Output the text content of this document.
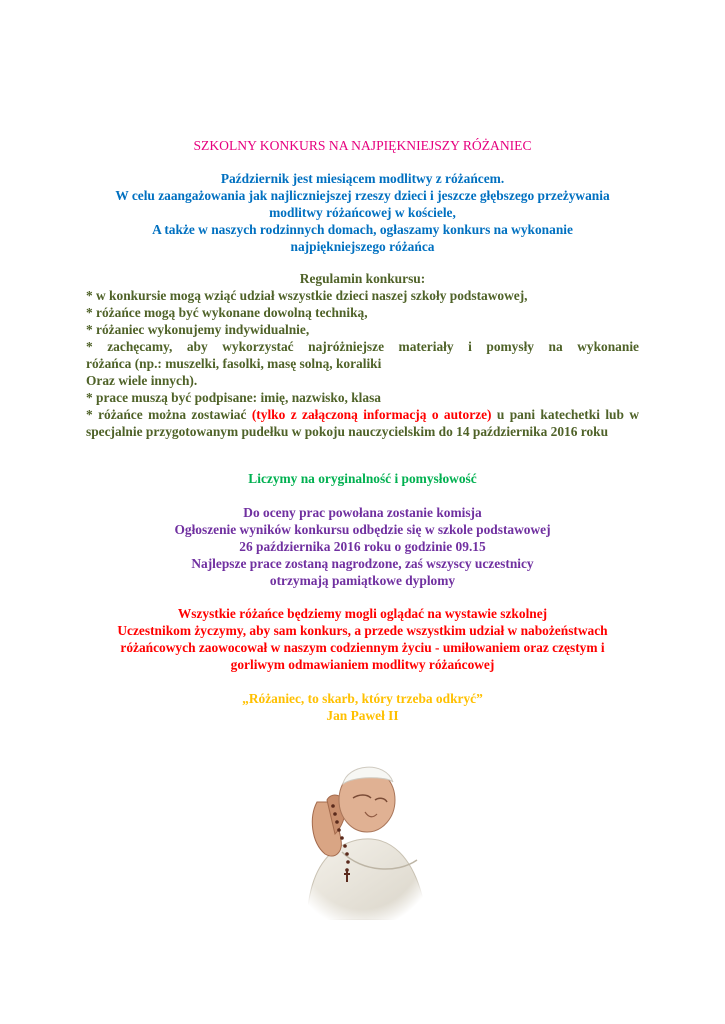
SZKOLNY KONKURS NA NAJPIĘKNIEJSZY RÓŻANIEC

Październik jest miesiącem modlitwy z różańcem.

W celu zaangażowania jak najliczniejszej rzeszy dzieci i jeszcze głębszego przeżywania

modlitwy różańcowej w kościele,

A także w naszych rodzinnych domach, ogłaszamy konkurs na wykonanie

najpiękniejszego różańca

Regulamin konkursu:

* w konkursie mogą wziąć udział wszystkie dzieci naszej szkoły podstawowej,

* różańce mogą być wykonane dowolną techniką,

* różaniec wykonujemy indywidualnie,

* zachęcamy, aby wykorzystać najróżniejsze materiały i pomysły na wykonanie

różańca (np.: muszelki, fasolki, masę solną, koraliki

Oraz wiele innych).

* prace muszą być podpisane: imię, nazwisko, klasa

* różańce można zostawiać (tylko z załączoną informacją o autorze) u pani katechetki lub w specjalnie przygotowanym pudełku w pokoju nauczycielskim do 14 października 2016 roku

Liczymy na oryginalność i pomysłowość

Do oceny prac powołana zostanie komisja

Ogłoszenie wyników konkursu odbędzie się w szkole podstawowej

26 października 2016 roku o godzinie 09.15

Najlepsze prace zostaną nagrodzone, zaś wszyscy uczestnicy

otrzymają pamiątkowe dyplomy

Wszystkie różańce będziemy mogli oglądać na wystawie szkolnej

Uczestnikom życzymy, aby sam konkurs, a przede wszystkim udział w nabożeństwach

różańcowych zaowocował w naszym codziennym życiu - umiłowaniem oraz częstym i

gorliwym odmawianiem modlitwy różańcowej

„Różaniec, to skarb, który trzeba odkryć”

Jan Paweł II
